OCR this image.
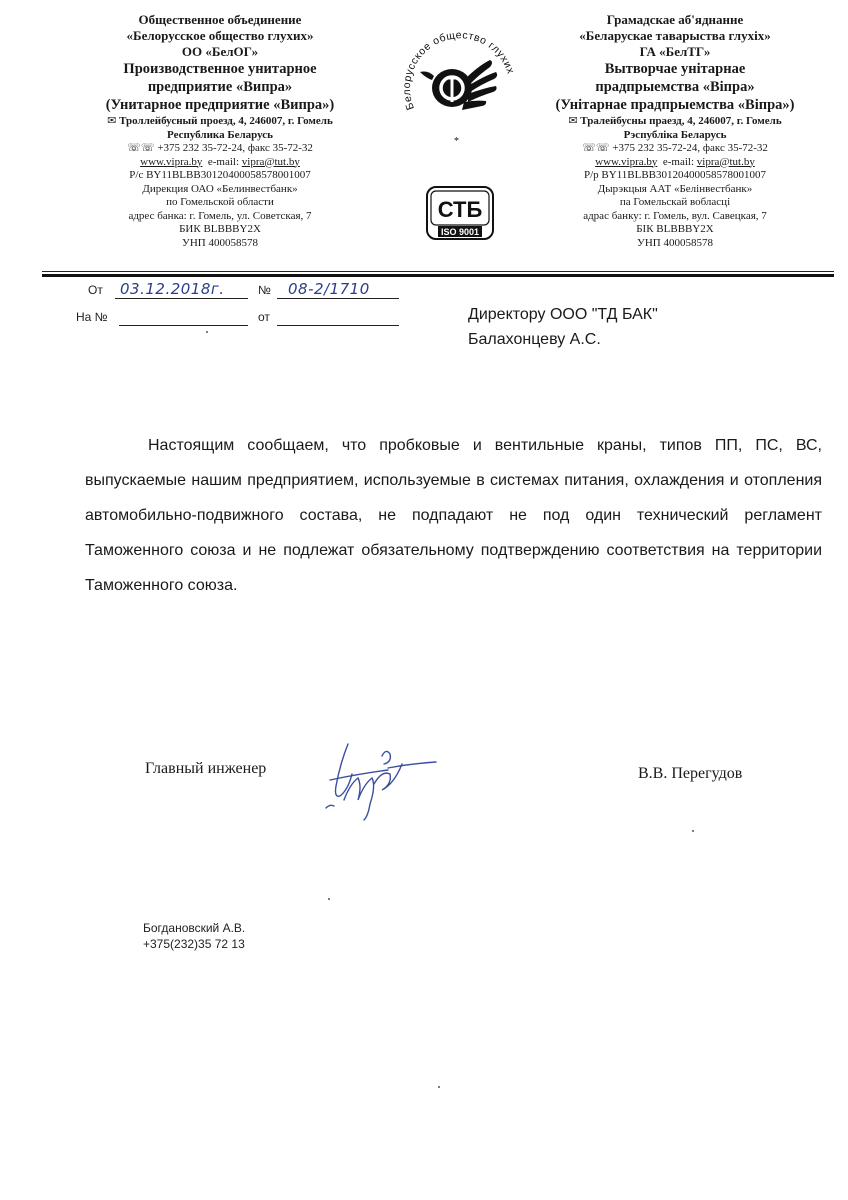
Общественное объединение
«Белорусское общество глухих»
ОО «БелОГ»
Производственное унитарное
предприятие «Випра»
(Унитарное предприятие «Випра»)
✉ Троллейбусный проезд, 4, 246007, г. Гомель
Республика Беларусь
☏☏ +375 232 35-72-24, факс 35-72-32
www.vipra.by e-mail: vipra@tut.by
Р/с BY11BLBB30120400058578001007
Дирекция ОАО «Белинвестбанк»
по Гомельской области
адрес банка: г. Гомель, ул. Советская, 7
БИК BLBBBY2X
УНП 400058578
Белорусское общество глухих
*
СТБ
ISO 9001
Грамадскае аб'яднанне
«Беларускае таварыства глухіх»
ГА «БелТГ»
Вытворчае унітарнае
прадпрыемства «Віпра»
(Унітарнае прадпрыемства «Віпра»)
✉ Тралейбусны праезд, 4, 246007, г. Гомель
Рэспубліка Беларусь
☏☏ +375 232 35-72-24, факс 35-72-32
www.vipra.by e-mail: vipra@tut.by
Р/р BY11BLBB30120400058578001007
Дырэкцыя ААТ «Белінвестбанк»
па Гомельскай вобласці
адрас банку: г. Гомель, вул. Савецкая, 7
БІК BLBBBY2X
УНП 400058578
От 03.12.2018г.	№ 08-2/1710
На №	от	Директору ООО "ТД БАК"
Балахонцеву А.С.
Настоящим сообщаем, что пробковые и вентильные краны, типов ПП, ПС, ВС, выпускаемые нашим предприятием, используемые в системах питания, охлаждения и отопления автомобильно-подвижного состава, не подпадают не под один технический регламент Таможенного союза и не подлежат обязательному подтверждению соответствия на территории Таможенного союза.
Главный инженер	В.В. Перегудов
Богдановский А.В.
+375(232)35 72 13
